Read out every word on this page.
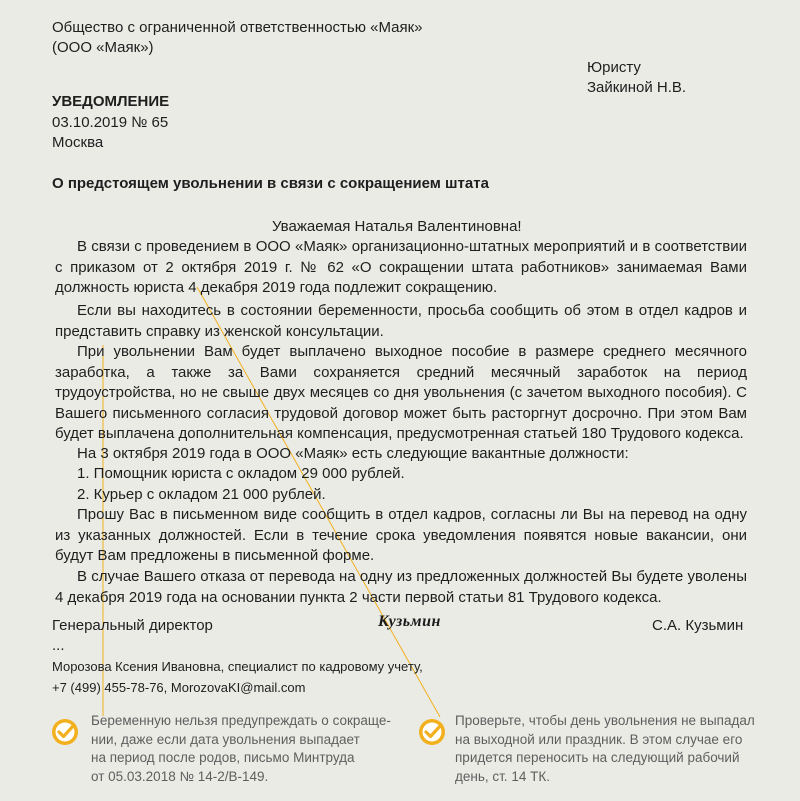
Общество с ограниченной ответственностью «Маяк»
(ООО «Маяк»)
Юристу
Зайкиной Н.В.
УВЕДОМЛЕНИЕ
03.10.2019 № 65
Москва
О предстоящем увольнении в связи с сокращением штата
Уважаемая Наталья Валентиновна!
В связи с проведением в ООО «Маяк» организационно-штатных мероприятий и в соответствии с приказом от 2 октября 2019 г. № 62 «О сокращении штата работников» занимаемая Вами должность юриста 4 декабря 2019 года подлежит сокращению.
Если вы находитесь в состоянии беременности, просьба сообщить об этом в отдел кадров и представить справку из женской консультации.
При увольнении Вам будет выплачено выходное пособие в размере среднего месячного заработка, а также за Вами сохраняется средний месячный заработок на период трудоустройства, но не свыше двух месяцев со дня увольнения (с зачетом выходного пособия). С Вашего письменного согласия трудовой договор может быть расторгнут досрочно. При этом Вам будет выплачена дополнительная компенсация, предусмотренная статьей 180 Трудового кодекса.
На 3 октября 2019 года в ООО «Маяк» есть следующие вакантные должности:
1. Помощник юриста с окладом 29 000 рублей.
2. Курьер с окладом 21 000 рублей.
Прошу Вас в письменном виде сообщить в отдел кадров, согласны ли Вы на перевод на одну из указанных должностей. Если в течение срока уведомления появятся новые вакансии, они будут Вам предложены в письменной форме.
В случае Вашего отказа от перевода на одну из предложенных должностей Вы будете уволены 4 декабря 2019 года на основании пункта 2 части первой статьи 81 Трудового кодекса.
Генеральный директор	Кузьмин	С.А. Кузьмин
...
Морозова Ксения Ивановна, специалист по кадровому учету,
+7 (499) 455-78-76, MorozovaKI@mail.com
Беременную нельзя предупреждать о сокраще-
нии, даже если дата увольнения выпадает
на период после родов, письмо Минтруда
от 05.03.2018 № 14-2/В-149.
Проверьте, чтобы день увольнения не выпадал
на выходной или праздник. В этом случае его
придется переносить на следующий рабочий
день, ст. 14 ТК.
